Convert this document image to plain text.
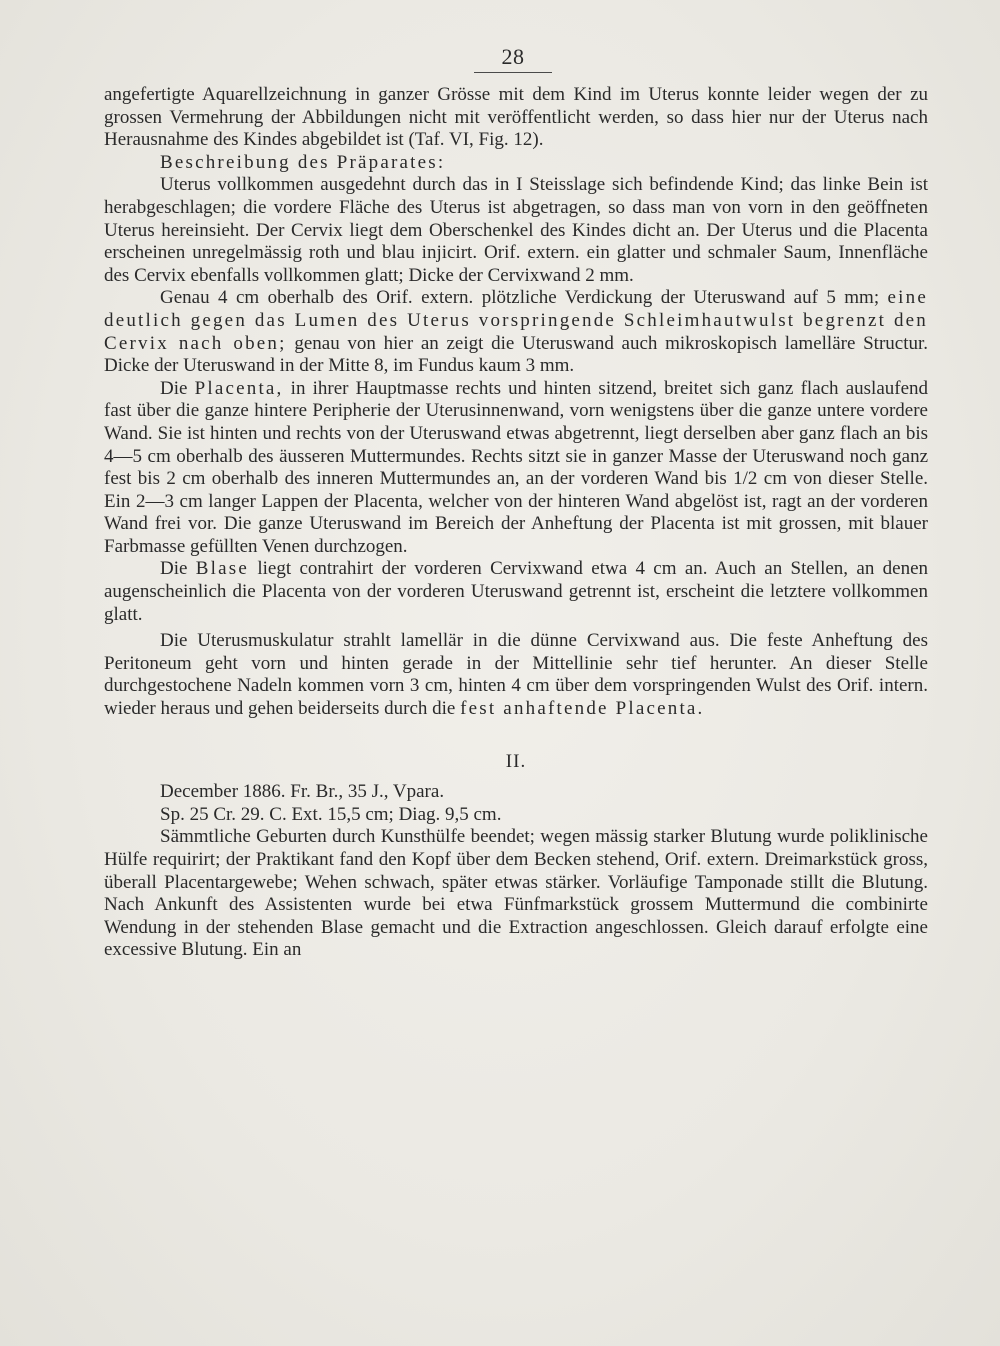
28

angefertigte Aquarellzeichnung in ganzer Grösse mit dem Kind im Uterus konnte leider wegen der zu grossen Vermehrung der Abbildungen nicht mit veröffentlicht werden, so dass hier nur der Uterus nach Herausnahme des Kindes abgebildet ist (Taf. VI, Fig. 12).

Beschreibung des Präparates:

Uterus vollkommen ausgedehnt durch das in I Steisslage sich befindende Kind; das linke Bein ist herabgeschlagen; die vordere Fläche des Uterus ist abgetragen, so dass man von vorn in den geöffneten Uterus hereinsieht. Der Cervix liegt dem Oberschenkel des Kindes dicht an. Der Uterus und die Placenta erscheinen unregelmässig roth und blau injicirt. Orif. extern. ein glatter und schmaler Saum, Innenfläche des Cervix ebenfalls vollkommen glatt; Dicke der Cervixwand 2 mm.

Genau 4 cm oberhalb des Orif. extern. plötzliche Verdickung der Uteruswand auf 5 mm; eine deutlich gegen das Lumen des Uterus vorspringende Schleimhautwulst begrenzt den Cervix nach oben; genau von hier an zeigt die Uteruswand auch mikroskopisch lamelläre Structur. Dicke der Uteruswand in der Mitte 8, im Fundus kaum 3 mm.

Die Placenta, in ihrer Hauptmasse rechts und hinten sitzend, breitet sich ganz flach auslaufend fast über die ganze hintere Peripherie der Uterusinnenwand, vorn wenigstens über die ganze untere vordere Wand. Sie ist hinten und rechts von der Uteruswand etwas abgetrennt, liegt derselben aber ganz flach an bis 4—5 cm oberhalb des äusseren Muttermundes. Rechts sitzt sie in ganzer Masse der Uteruswand noch ganz fest bis 2 cm oberhalb des inneren Muttermundes an, an der vorderen Wand bis 1/2 cm von dieser Stelle. Ein 2—3 cm langer Lappen der Placenta, welcher von der hinteren Wand abgelöst ist, ragt an der vorderen Wand frei vor. Die ganze Uteruswand im Bereich der Anheftung der Placenta ist mit grossen, mit blauer Farbmasse gefüllten Venen durchzogen.

Die Blase liegt contrahirt der vorderen Cervixwand etwa 4 cm an. Auch an Stellen, an denen augenscheinlich die Placenta von der vorderen Uteruswand getrennt ist, erscheint die letztere vollkommen glatt.

Die Uterusmuskulatur strahlt lamellär in die dünne Cervixwand aus. Die feste Anheftung des Peritoneum geht vorn und hinten gerade in der Mittellinie sehr tief herunter. An dieser Stelle durchgestochene Nadeln kommen vorn 3 cm, hinten 4 cm über dem vorspringenden Wulst des Orif. intern. wieder heraus und gehen beiderseits durch die fest anhaftende Placenta.

II.

December 1886. Fr. Br., 35 J., Vpara.

Sp. 25 Cr. 29. C. Ext. 15,5 cm; Diag. 9,5 cm.

Sämmtliche Geburten durch Kunsthülfe beendet; wegen mässig starker Blutung wurde poliklinische Hülfe requirirt; der Praktikant fand den Kopf über dem Becken stehend, Orif. extern. Dreimarkstück gross, überall Placentargewebe; Wehen schwach, später etwas stärker. Vorläufige Tamponade stillt die Blutung. Nach Ankunft des Assistenten wurde bei etwa Fünfmarkstück grossem Muttermund die combinirte Wendung in der stehenden Blase gemacht und die Extraction angeschlossen. Gleich darauf erfolgte eine excessive Blutung. Ein an
